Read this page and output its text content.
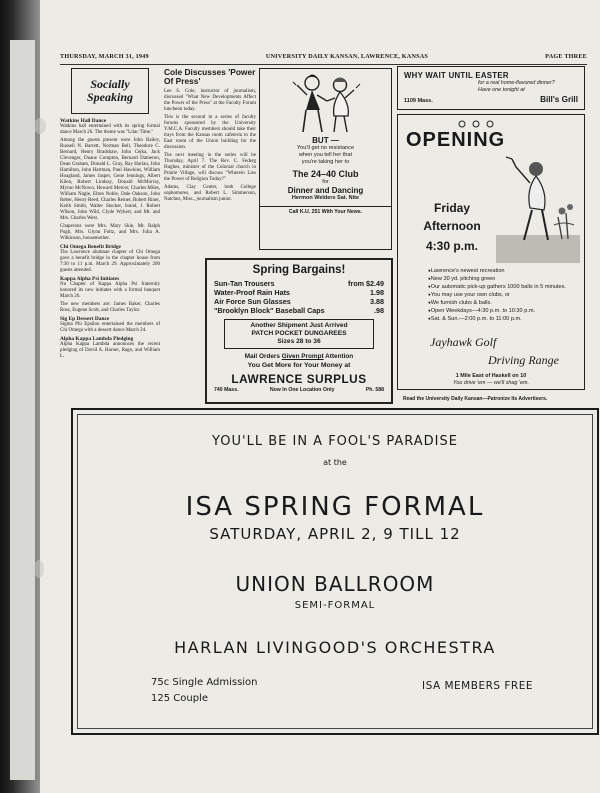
THURSDAY, MARCH 31, 1949	UNIVERSITY DAILY KANSAN, LAWRENCE, KANSAS	PAGE THREE
Socially
Speaking
Watkins Hall Dance

Watkins hall entertained with its spring formal dance March 26. The theme was "Lilac Time."

Among the guests present were John Bailey, Russell N. Barrett, Norman Bell, Theodore C. Bernard, Henry Bradshaw, John Cejka, Jack Clevenger, Duane Compton, Bernard Dameron, Dean Graham, Donald L. Gray, Ray Harlan, John Hamilton, John Hartman, Paul Hawkins, William Hoagland, James Jasper, Gene Jennings, Albert Kilen, Robert Lindsay, Donald McMurray, Myron McNown, Howard Mercer, Charles Miles, William Nagle, Elton Noble, Dale Oakson, John Reber, Henry Reed, Charles Reiner, Robert Riner, Keith Smith, Walter Stucker, brand, J. Robert Wilson, John Wild, Clyde Wykert, and Mr. and Mrs. Charles West.

Chaperons were Mrs. Mary Skie, Mr. Ralph Pugh, Mrs. Glynn Foltz, and Mrs. Julia A. Wilkinson, housemother.

Chi Omega Benefit Bridge

The Lawrence alumnae chapter of Chi Omega gave a benefit bridge in the chapter house from 7:30 to 11 p.m. March 29. Approximately 200 guests attended.

Kappa Alpha Psi Initiates

Nu Chapter of Kappa Alpha Psi fraternity honored its new initiates with a formal banquet March 26.

The new members are: James Baker, Charles Ross, Eugene Scott, and Charles Taylor.

Sig Ep Dessert Dance

Sigma Phi Epsilon entertained the members of Chi Omega with a dessert dance March 24.

Alpha Kappa Lambda Pledging

Alpha Kappa Lambda announces the recent pledging of David A. Harner, Rago, and William L.

Cole Discusses 'Power Of Press'

Lee S. Cole, instructor of journalism, discussed "What New Developments Affect the Power of the Press" at the Faculty Forum luncheon today.

This is the second in a series of faculty forums sponsored by the University Y.M.C.A. Faculty members should take their trays from the Kansas room cafeteria to the East room of the Union building for the discussion.

The next meeting in the series will be Thursday, April 7. The Rev. C. Federg Hughes, minister of the Colonial church in Prairie Village, will discuss "Wherein Lies the Power of Religion Today?"

Adams, Clay Center, both College sophomores, and Robert L. Simmerson, Natchez, Miss., journalism junior.

BUT —
You'll get no resistance
when you tell her that
you're taking her to
The 24–40 Club
for
Dinner and Dancing
Hermon Welders Sat. Nite
Call K.U. 251 With Your News.
WHY WAIT UNTIL EASTER
for a real home-flavored dinner?
Have one tonight at
1109 Mass.	Bill's Grill
OPENING
Friday
Afternoon
4:30 p.m.
● Lawrence's newest recreation
● New 30 yd. pitching green
● Our automatic pick-up gathers 1000 balls in 5 minutes.
● You may use your own clubs, or
● We furnish clubs & balls.
● Open Weekdays—4:30 p.m. to 10:30 p.m.
● Sat. & Sun.—2:00 p.m. to 11:00 p.m.
Jayhawk Golf
Driving Range
1 Mile East of Haskell on 10
You drive 'em — we'll shag 'em.
Read the University Daily Kansan—Patronize Its Advertisers.
Spring Bargains!
Sun-Tan Trousers	from $2.49
Water-Proof Rain Hats	1.98
Air Force Sun Glasses	3.88
"Brooklyn Block" Baseball Caps	.98
Another Shipment Just Arrived
PATCH POCKET DUNGAREES
Sizes 28 to 36
Mail Orders Given Prompt Attention
You Get More for Your Money at
LAWRENCE SURPLUS
740 Mass.	Now In One Location Only	Ph. 588
YOU'LL BE IN A FOOL'S PARADISE
at the
ISA SPRING FORMAL
SATURDAY, APRIL 2, 9 TILL 12
UNION BALLROOM
SEMI-FORMAL
HARLAN LIVINGOOD'S ORCHESTRA
75c Single Admission
125 Couple
ISA MEMBERS FREE
